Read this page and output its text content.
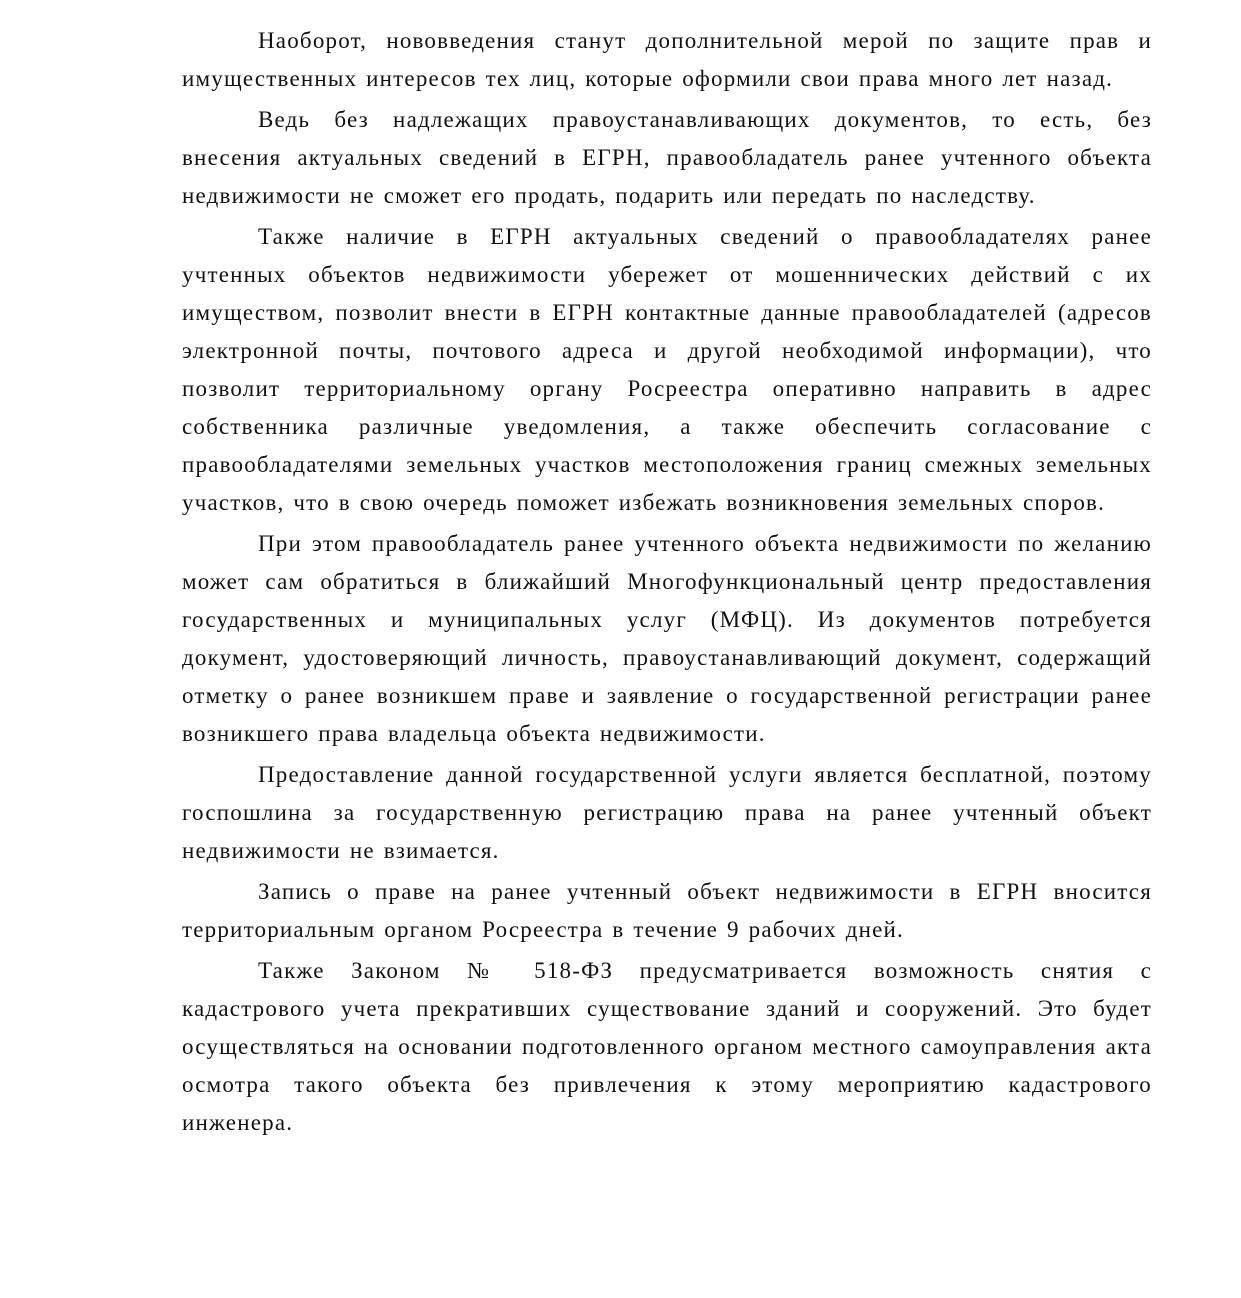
Наоборот, нововведения станут дополнительной мерой по защите прав и имущественных интересов тех лиц, которые оформили свои права много лет назад.

Ведь без надлежащих правоустанавливающих документов, то есть, без внесения актуальных сведений в ЕГРН, правообладатель ранее учтенного объекта недвижимости не сможет его продать, подарить или передать по наследству.

Также наличие в ЕГРН актуальных сведений о правообладателях ранее учтенных объектов недвижимости убережет от мошеннических действий с их имуществом, позволит внести в ЕГРН контактные данные правообладателей (адресов электронной почты, почтового адреса и другой необходимой информации), что позволит территориальному органу Росреестра оперативно направить в адрес собственника различные уведомления, а также обеспечить согласование с правообладателями земельных участков местоположения границ смежных земельных участков, что в свою очередь поможет избежать возникновения земельных споров.

При этом правообладатель ранее учтенного объекта недвижимости по желанию может сам обратиться в ближайший Многофункциональный центр предоставления государственных и муниципальных услуг (МФЦ). Из документов потребуется документ, удостоверяющий личность, правоустанавливающий документ, содержащий отметку о ранее возникшем праве и заявление о государственной регистрации ранее возникшего права владельца объекта недвижимости.

Предоставление данной государственной услуги является бесплатной, поэтому госпошлина за государственную регистрацию права на ранее учтенный объект недвижимости не взимается.

Запись о праве на ранее учтенный объект недвижимости в ЕГРН вносится территориальным органом Росреестра в течение 9 рабочих дней.

Также Законом № 518-ФЗ предусматривается возможность снятия с кадастрового учета прекративших существование зданий и сооружений. Это будет осуществляться на основании подготовленного органом местного самоуправления акта осмотра такого объекта без привлечения к этому мероприятию кадастрового инженера.
